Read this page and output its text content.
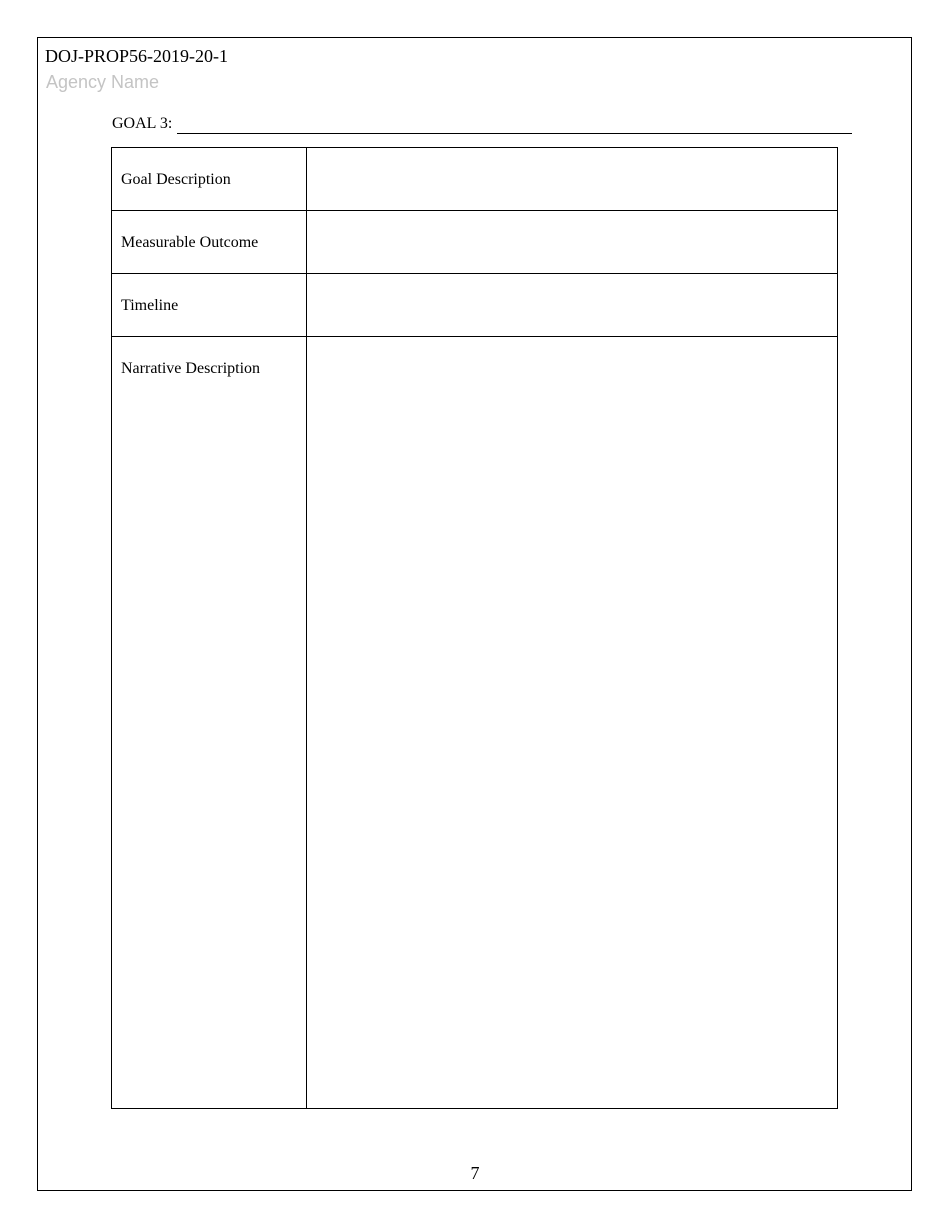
DOJ-PROP56-2019-20-1
Agency Name
GOAL 3:
Goal Description	

Measurable Outcome	

Timeline	

Narrative Description	

7
